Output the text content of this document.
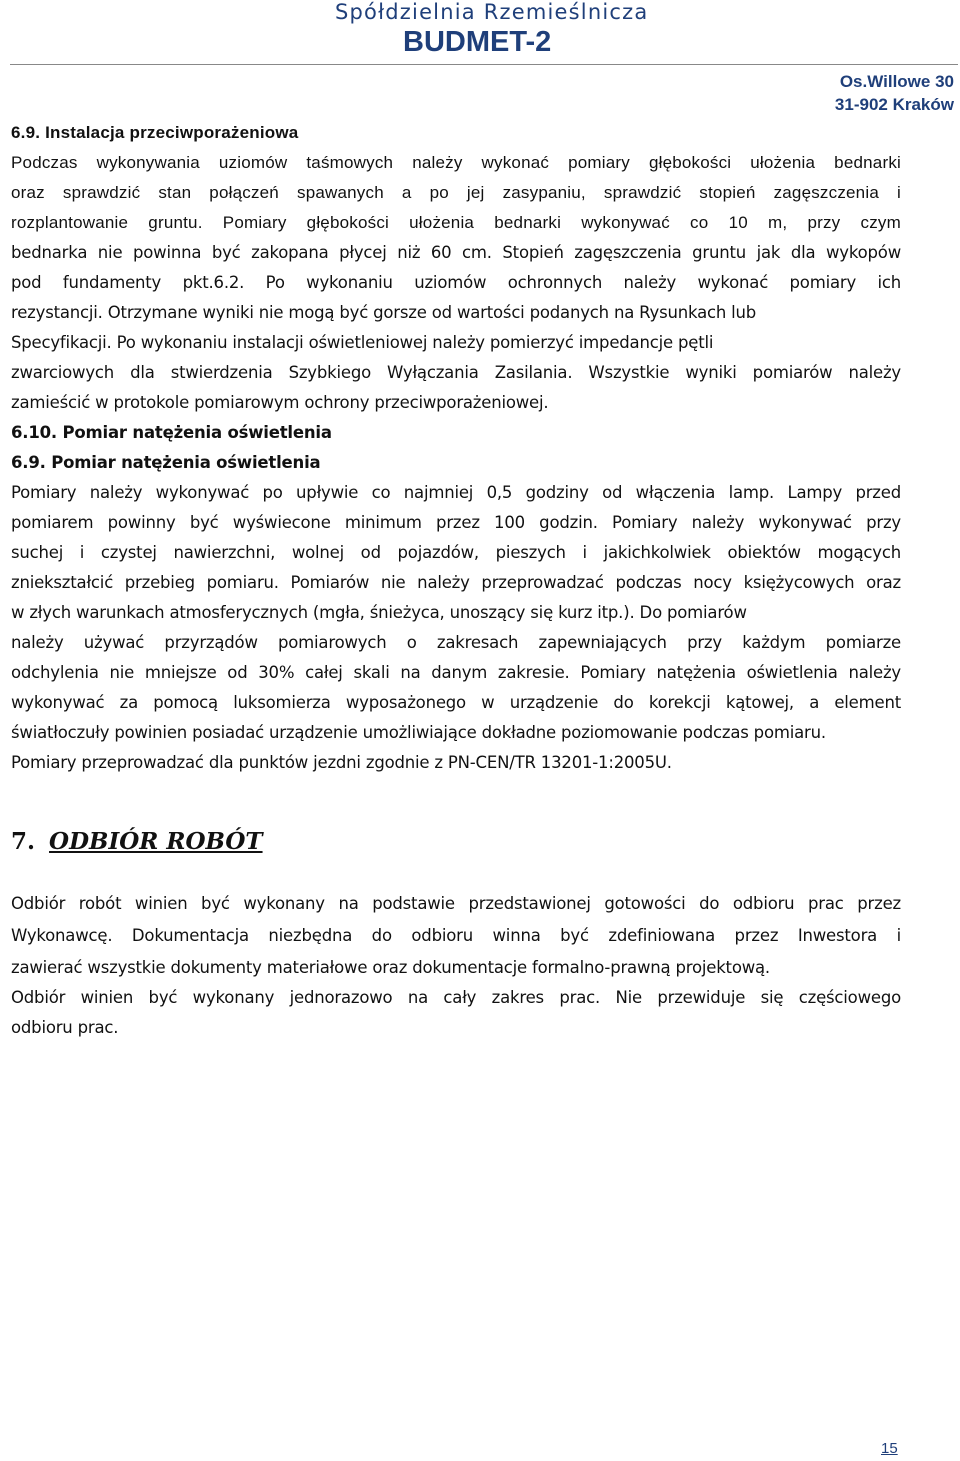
Spółdzielnia Rzemieślnicza
BUDMET-2
Os.Willowe 30
31-902 Kraków
6.9. Instalacja przeciwporażeniowa
Podczas wykonywania uziomów taśmowych należy wykonać pomiary głębokości ułożenia bednarki
oraz sprawdzić stan połączeń spawanych a po jej zasypaniu, sprawdzić stopień zagęszczenia i
rozplantowanie gruntu. Pomiary głębokości ułożenia bednarki wykonywać co 10 m, przy czym
bednarka nie powinna być zakopana płycej niż 60 cm. Stopień zagęszczenia gruntu jak dla wykopów
pod fundamenty pkt.6.2. Po wykonaniu uziomów ochronnych należy wykonać pomiary ich
rezystancji. Otrzymane wyniki nie mogą być gorsze od wartości podanych na Rysunkach lub
Specyfikacji. Po wykonaniu instalacji oświetleniowej należy pomierzyć impedancje pętli
zwarciowych dla stwierdzenia Szybkiego Wyłączania Zasilania. Wszystkie wyniki pomiarów należy
zamieścić w protokole pomiarowym ochrony przeciwporażeniowej.
6.10. Pomiar natężenia oświetlenia
6.9. Pomiar natężenia oświetlenia
Pomiary należy wykonywać po upływie co najmniej 0,5 godziny od włączenia lamp. Lampy przed
pomiarem powinny być wyświecone minimum przez 100 godzin. Pomiary należy wykonywać przy
suchej i czystej nawierzchni, wolnej od pojazdów, pieszych i jakichkolwiek obiektów mogących
zniekształcić przebieg pomiaru. Pomiarów nie należy przeprowadzać podczas nocy księżycowych oraz
w złych warunkach atmosferycznych (mgła, śnieżyca, unoszący się kurz itp.). Do pomiarów
należy używać przyrządów pomiarowych o zakresach zapewniających przy każdym pomiarze
odchylenia nie mniejsze od 30% całej skali na danym zakresie. Pomiary natężenia oświetlenia należy
wykonywać za pomocą luksomierza wyposażonego w urządzenie do korekcji kątowej, a element
światłoczuły powinien posiadać urządzenie umożliwiające dokładne poziomowanie podczas pomiaru.
Pomiary przeprowadzać dla punktów jezdni zgodnie z PN-CEN/TR 13201-1:2005U.
7. ODBIÓR ROBÓT
Odbiór robót winien być wykonany na podstawie przedstawionej gotowości do odbioru prac przez
Wykonawcę. Dokumentacja niezbędna do odbioru winna być zdefiniowana przez Inwestora i
zawierać wszystkie dokumenty materiałowe oraz dokumentacje formalno-prawną projektową.
Odbiór winien być wykonany jednorazowo na cały zakres prac. Nie przewiduje się częściowego
odbioru prac.
15
